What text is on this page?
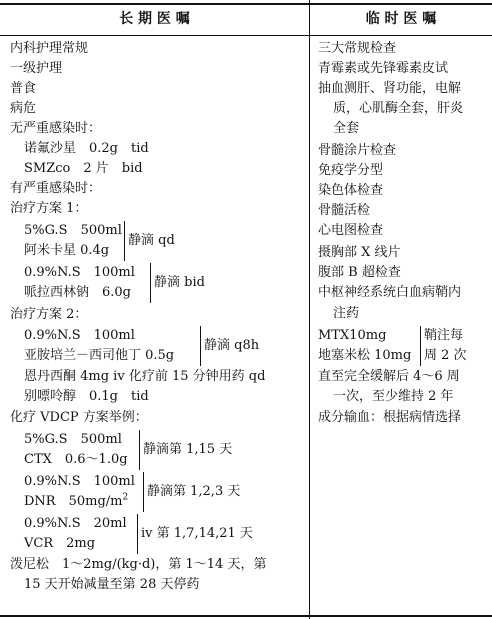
长 期 医 嘱	临 时 医 嘱
内科护理常规
一级护理
普食
病危
无严重感染时：
诺氟沙星　0.2g　tid
SMZco　2 片　bid
有严重感染时：
治疗方案 1：
5%G.S　500ml
阿米卡星 0.4g
静滴 qd
0.9%N.S　100ml
哌拉西林钠　6.0g
静滴 bid
治疗方案 2：
0.9%N.S　100ml
亚胺培兰－西司他丁 0.5g
静滴 q8h
恩丹西酮 4mg iv 化疗前 15 分钟用药 qd
别嘌呤醇　0.1g　tid
化疗 VDCP 方案举例：
5%G.S　500ml
CTX　0.6～1.0g
静滴第 1,15 天
0.9%N.S　100ml
DNR　$50mg/m^2$ 静滴第 1,2,3 天
0.9%N.S　20ml
VCR　2mg
iv 第 1,7,14,21 天
泼尼松　1～2mg/(kg·d)，第 1～14 天，第
15 天开始减量至第 28 天停药
三大常规检查
青霉素或先锋霉素皮试
抽血测肝、肾功能，电解
质，心肌酶全套，肝炎
全套
骨髓涂片检查
免疫学分型
染色体检查
骨髓活检
心电图检查
摄胸部 X 线片
腹部 B 超检查
中枢神经系统白血病鞘内
注药
MTX10mg
地塞米松 10mg
鞘注每
周 2 次
直至完全缓解后 4～6 周
一次，至少维持 2 年
成分输血：根据病情选择
